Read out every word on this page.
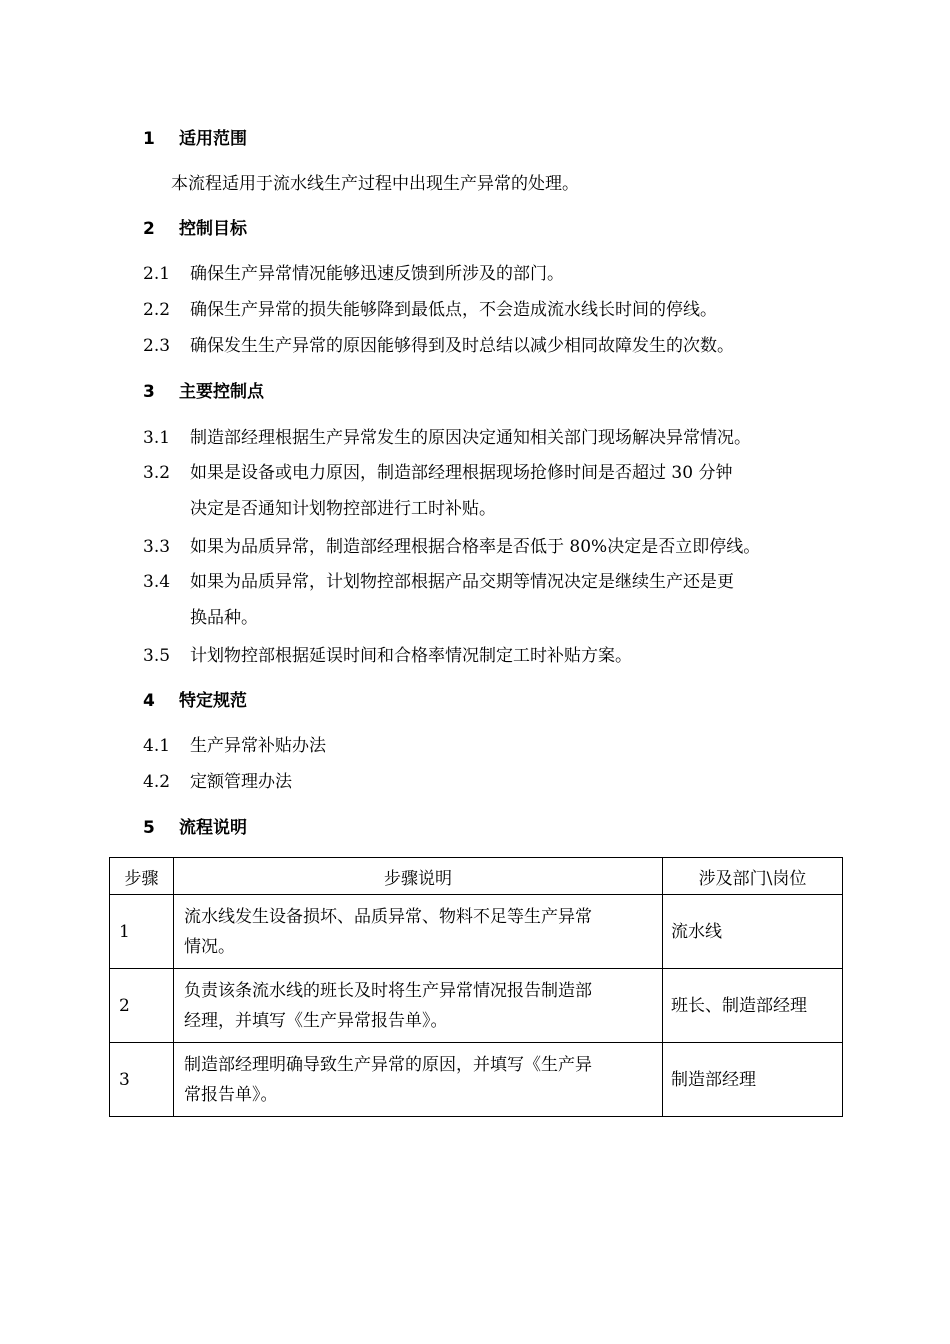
1 适用范围
本流程适用于流水线生产过程中出现生产异常的处理。
2 控制目标
2.1 确保生产异常情况能够迅速反馈到所涉及的部门。
2.2 确保生产异常的损失能够降到最低点，不会造成流水线长时间的停线。
2.3 确保发生生产异常的原因能够得到及时总结以减少相同故障发生的次数。
3 主要控制点
3.1 制造部经理根据生产异常发生的原因决定通知相关部门现场解决异常情况。
3.2 如果是设备或电力原因，制造部经理根据现场抢修时间是否超过 30 分钟
决定是否通知计划物控部进行工时补贴。
3.3 如果为品质异常，制造部经理根据合格率是否低于 80%决定是否立即停线。
3.4 如果为品质异常，计划物控部根据产品交期等情况决定是继续生产还是更
换品种。
3.5 计划物控部根据延误时间和合格率情况制定工时补贴方案。
4 特定规范
4.1 生产异常补贴办法
4.2 定额管理办法
5 流程说明
步骤	步骤说明	涉及部门\岗位
1	流水线发生设备损坏、品质异常、物料不足等生产异常
情况。	流水线
2	负责该条流水线的班长及时将生产异常情况报告制造部
经理，并填写《生产异常报告单》。	班长、制造部经理
3	制造部经理明确导致生产异常的原因，并填写《生产异
常报告单》。	制造部经理
